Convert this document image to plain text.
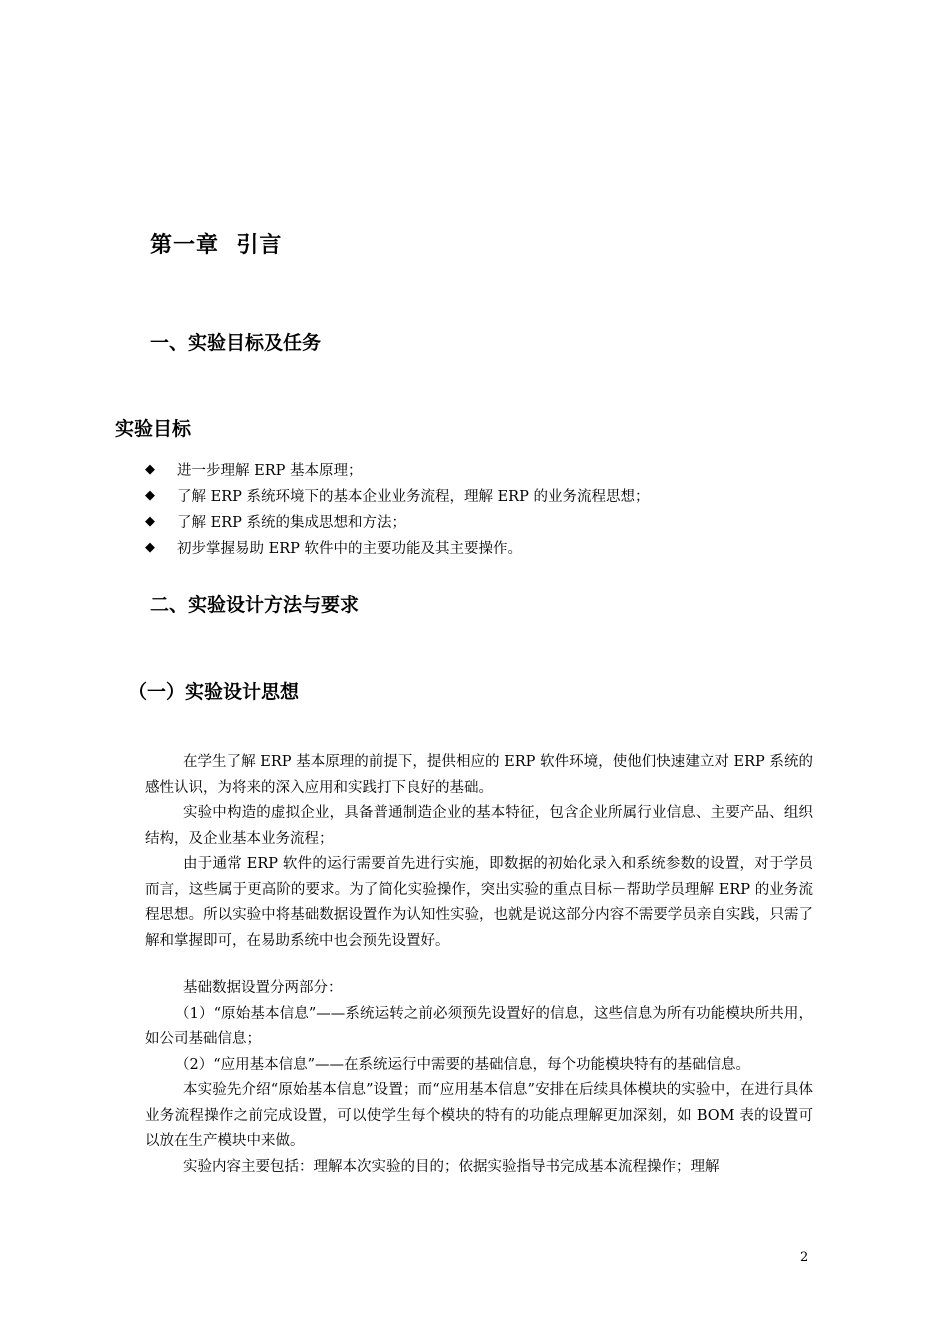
第一章  引言
一、实验目标及任务
实验目标
◆	进一步理解 ERP 基本原理；
◆	了解 ERP 系统环境下的基本企业业务流程，理解 ERP 的业务流程思想；
◆	了解 ERP 系统的集成思想和方法；
◆	初步掌握易助 ERP 软件中的主要功能及其主要操作。
二、实验设计方法与要求
（一）实验设计思想

在学生了解 ERP 基本原理的前提下，提供相应的 ERP 软件环境，使他们快速建立对 ERP 系统的感性认识，为将来的深入应用和实践打下良好的基础。

实验中构造的虚拟企业，具备普通制造企业的基本特征，包含企业所属行业信息、主要产品、组织结构，及企业基本业务流程；

由于通常 ERP 软件的运行需要首先进行实施，即数据的初始化录入和系统参数的设置，对于学员而言，这些属于更高阶的要求。为了简化实验操作，突出实验的重点目标－帮助学员理解 ERP 的业务流程思想。所以实验中将基础数据设置作为认知性实验，也就是说这部分内容不需要学员亲自实践，只需了解和掌握即可，在易助系统中也会预先设置好。

基础数据设置分两部分：

（1）“原始基本信息”——系统运转之前必须预先设置好的信息，这些信息为所有功能模块所共用，如公司基础信息；

（2）“应用基本信息”——在系统运行中需要的基础信息，每个功能模块特有的基础信息。

本实验先介绍“原始基本信息”设置；而“应用基本信息”安排在后续具体模块的实验中，在进行具体业务流程操作之前完成设置，可以使学生每个模块的特有的功能点理解更加深刻，如 BOM 表的设置可以放在生产模块中来做。

实验内容主要包括：理解本次实验的目的；依据实验指导书完成基本流程操作；理解

2
